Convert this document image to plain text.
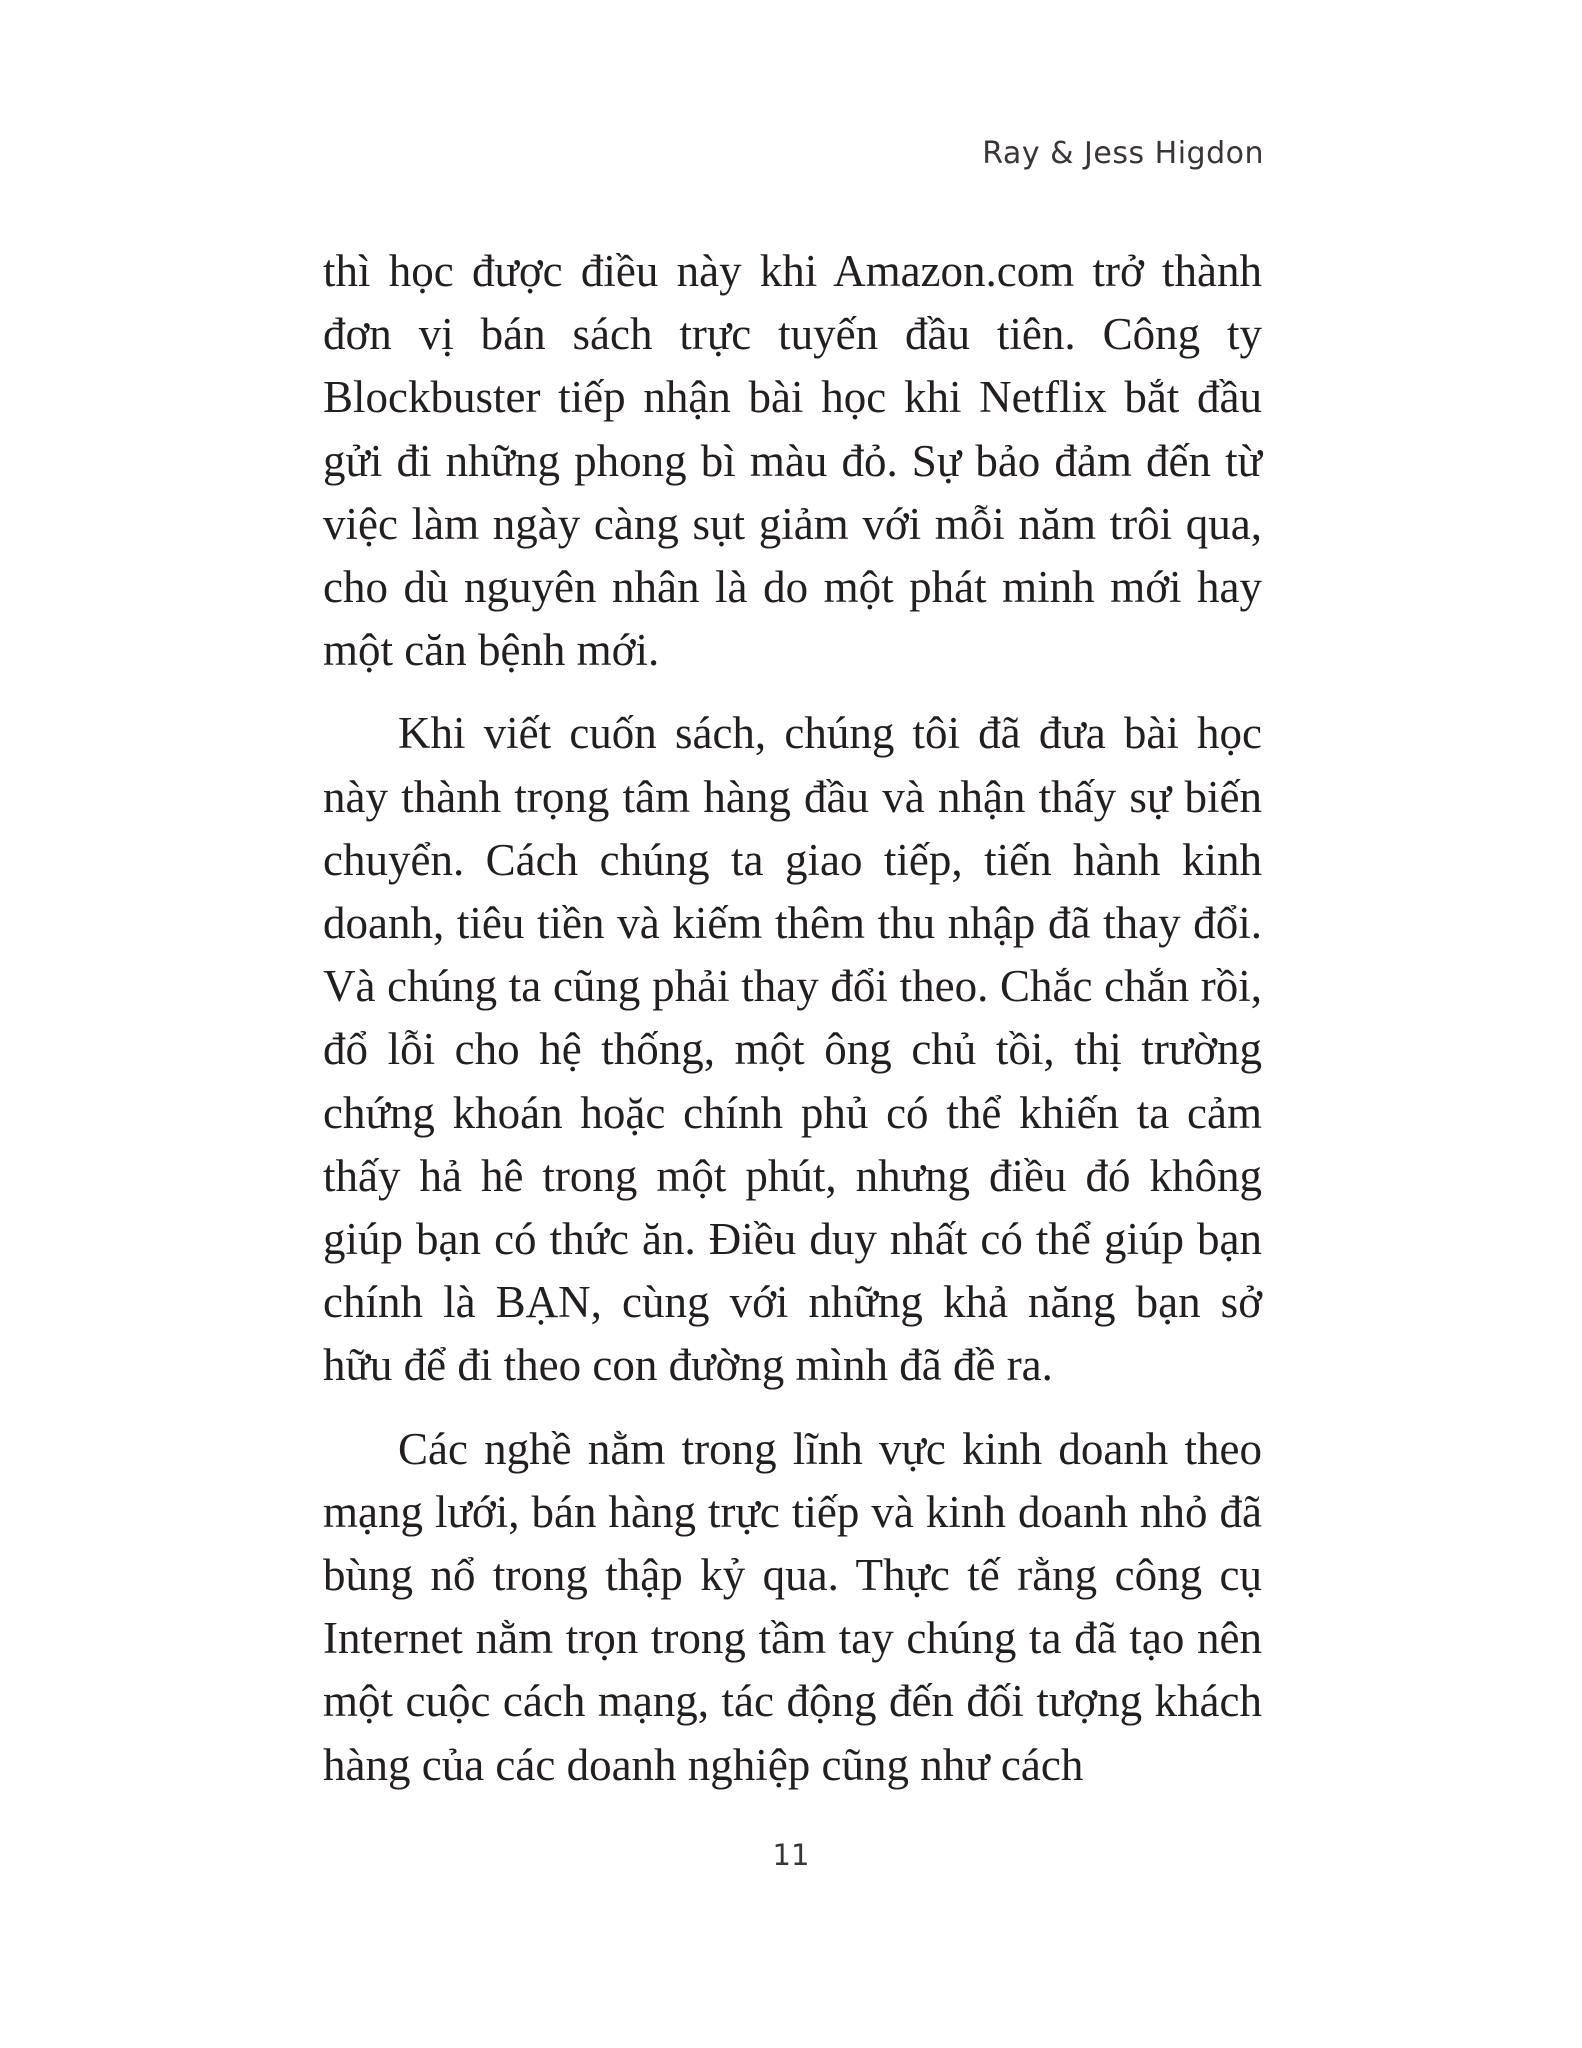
Ray & Jess Higdon

thì học được điều này khi Amazon.com trở thành đơn vị bán sách trực tuyến đầu tiên. Công ty Blockbuster tiếp nhận bài học khi Netflix bắt đầu gửi đi những phong bì màu đỏ. Sự bảo đảm đến từ việc làm ngày càng sụt giảm với mỗi năm trôi qua, cho dù nguyên nhân là do một phát minh mới hay một căn bệnh mới.

Khi viết cuốn sách, chúng tôi đã đưa bài học này thành trọng tâm hàng đầu và nhận thấy sự biến chuyển. Cách chúng ta giao tiếp, tiến hành kinh doanh, tiêu tiền và kiếm thêm thu nhập đã thay đổi. Và chúng ta cũng phải thay đổi theo. Chắc chắn rồi, đổ lỗi cho hệ thống, một ông chủ tồi, thị trường chứng khoán hoặc chính phủ có thể khiến ta cảm thấy hả hê trong một phút, nhưng điều đó không giúp bạn có thức ăn. Điều duy nhất có thể giúp bạn chính là BẠN, cùng với những khả năng bạn sở hữu để đi theo con đường mình đã đề ra.

Các nghề nằm trong lĩnh vực kinh doanh theo mạng lưới, bán hàng trực tiếp và kinh doanh nhỏ đã bùng nổ trong thập kỷ qua. Thực tế rằng công cụ Internet nằm trọn trong tầm tay chúng ta đã tạo nên một cuộc cách mạng, tác động đến đối tượng khách hàng của các doanh nghiệp cũng như cách

11
